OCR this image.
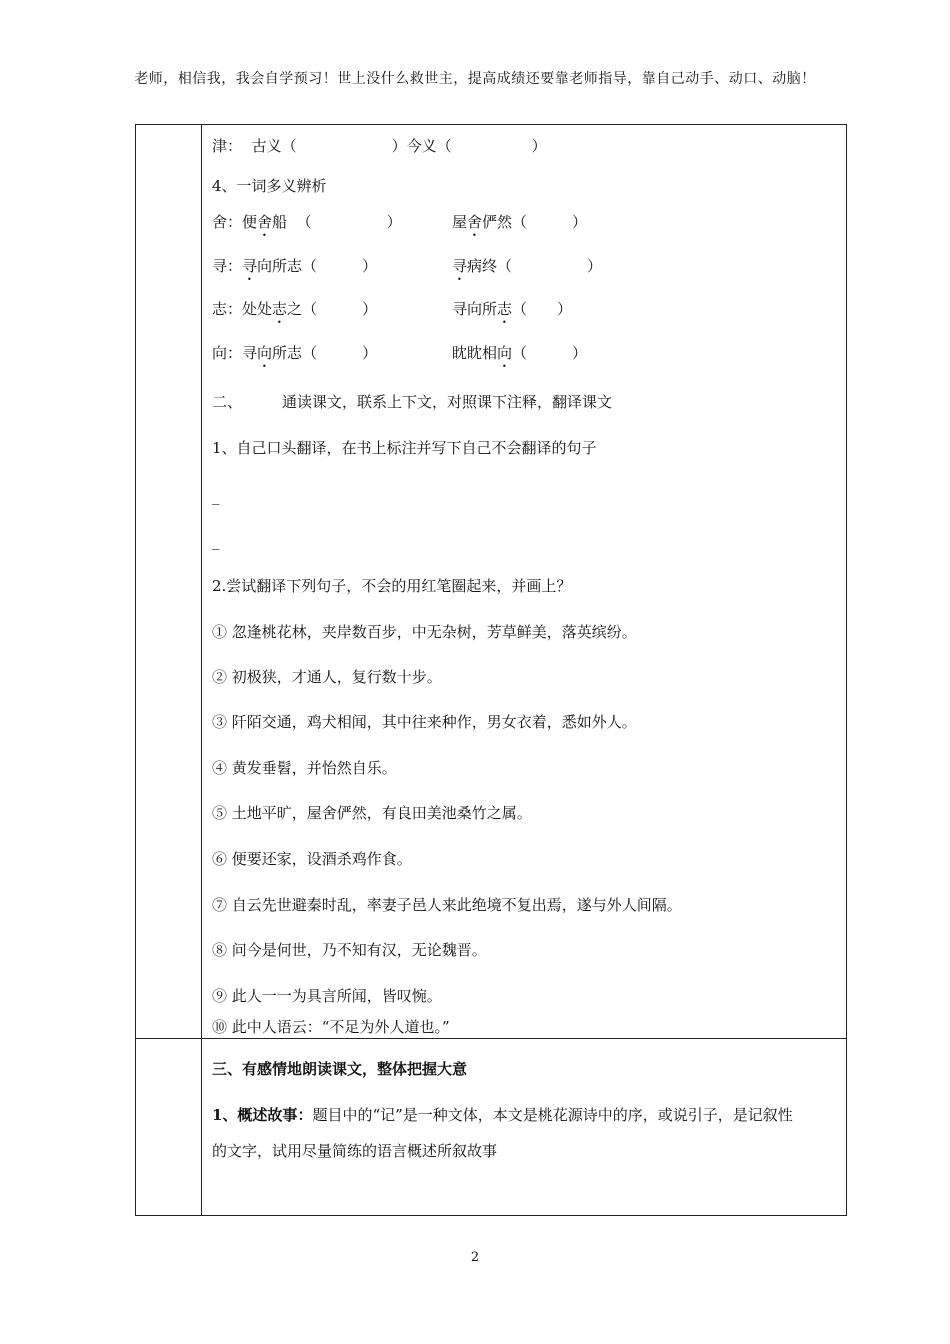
老师，相信我，我会自学预习！世上没什么救世主，提高成绩还要靠老师指导，靠自己动手、动口、动脑！
津： 古义（	）今义（	）
4、一词多义辨析
舍：便舍船 （　　　　　）	屋舍俨然（　　　）
寻：寻向所志（　　　）	寻病终（　　　　　）
志：处处志之（　　　）	寻向所志（　　）
向：寻向所志（　　　）	眈眈相向（　　　）
二、	通读课文，联系上下文，对照课下注释，翻译课文
1、自己口头翻译，在书上标注并写下自己不会翻译的句子
_
_
2.尝试翻译下列句子，不会的用红笔圈起来，并画上？
① 忽逢桃花林，夹岸数百步，中无杂树，芳草鲜美，落英缤纷。
② 初极狭，才通人，复行数十步。
③ 阡陌交通，鸡犬相闻，其中往来种作，男女衣着，悉如外人。
④ 黄发垂髫，并怡然自乐。
⑤ 土地平旷，屋舍俨然，有良田美池桑竹之属。
⑥ 便要还家，设酒杀鸡作食。
⑦ 自云先世避秦时乱，率妻子邑人来此绝境不复出焉，遂与外人间隔。
⑧ 问今是何世，乃不知有汉，无论魏晋。
⑨ 此人一一为具言所闻，皆叹惋。
⑩ 此中人语云：“不足为外人道也。”
三、有感情地朗读课文，整体把握大意
1、概述故事：题目中的“记”是一种文体，本文是桃花源诗中的序，或说引子，是记叙性
的文字，试用尽量简练的语言概述所叙故事
2
